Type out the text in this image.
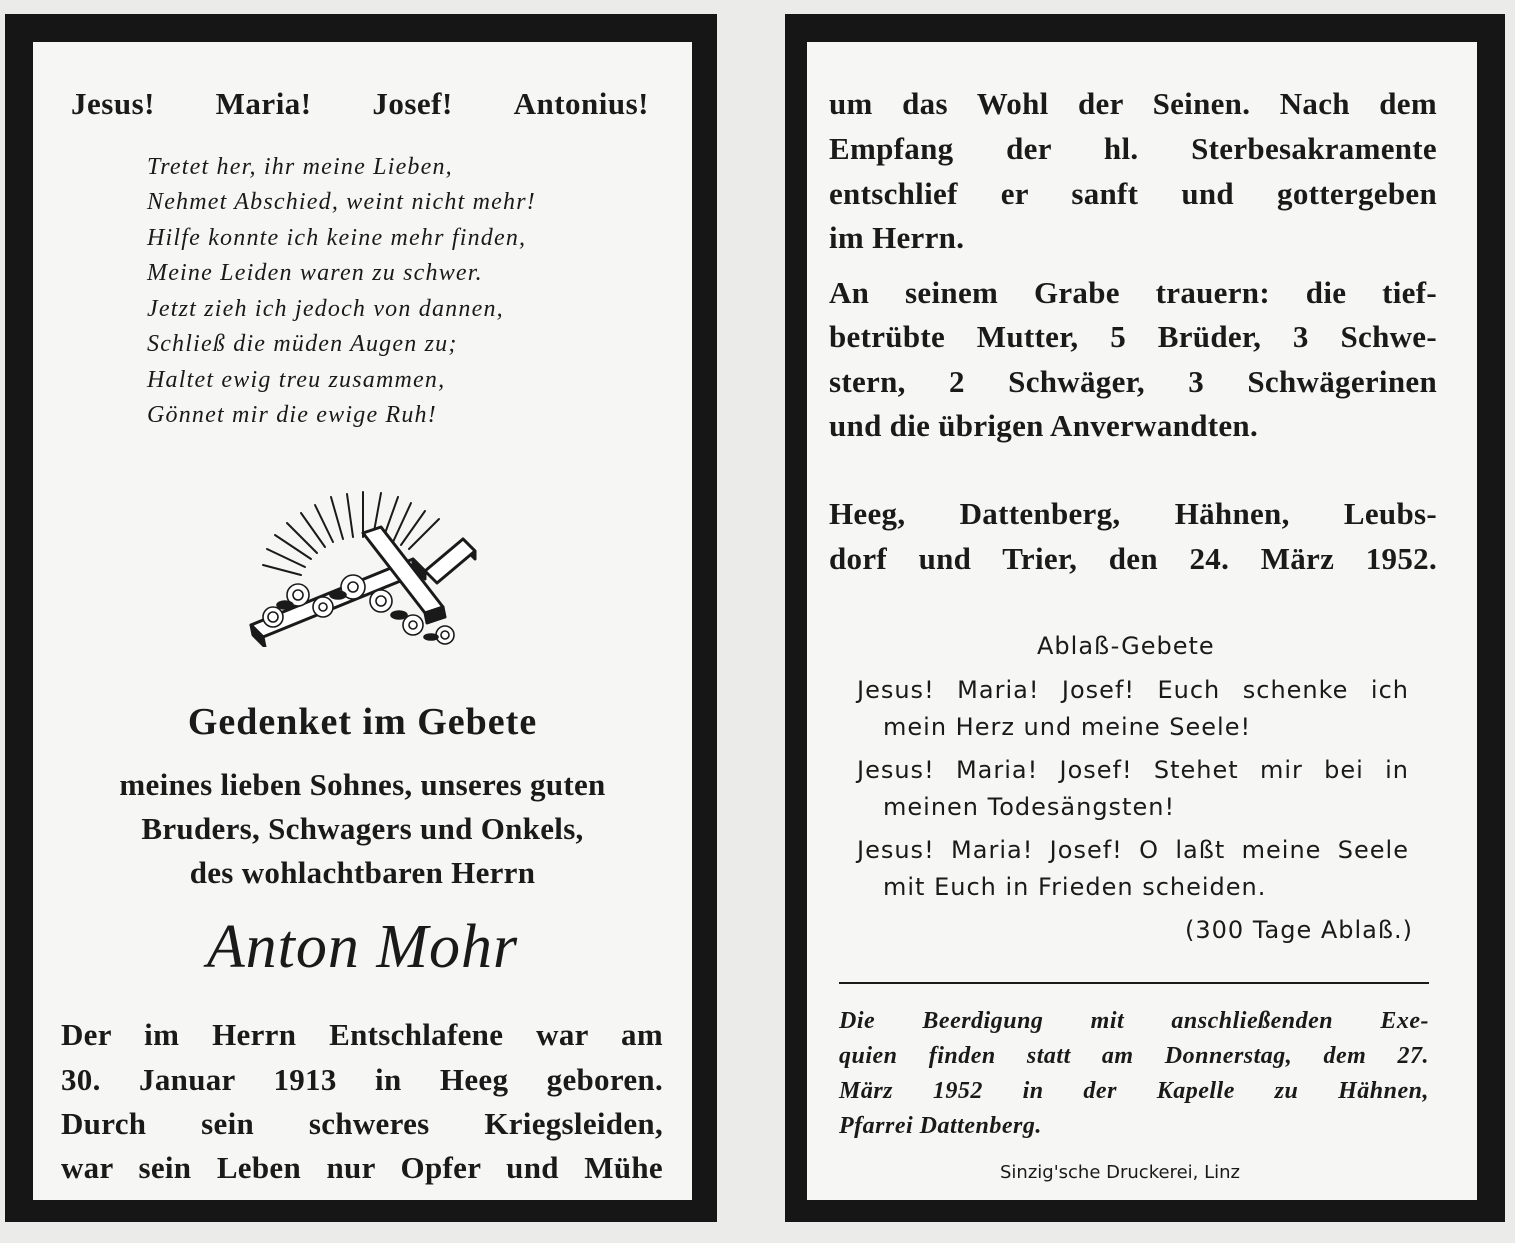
Jesus! Maria! Josef! Antonius!
Tretet her, ihr meine Lieben,
Nehmet Abschied, weint nicht mehr!
Hilfe konnte ich keine mehr finden,
Meine Leiden waren zu schwer.
Jetzt zieh ich jedoch von dannen,
Schließ die müden Augen zu;
Haltet ewig treu zusammen,
Gönnet mir die ewige Ruh!
Gedenket im Gebete
meines lieben Sohnes, unseres guten
Bruders, Schwagers und Onkels,
des wohlachtbaren Herrn
Anton Mohr
Der im Herrn Entschlafene war am
30. Januar 1913 in Heeg geboren.
Durch sein schweres Kriegsleiden,
war sein Leben nur Opfer und Mühe
um das Wohl der Seinen. Nach dem
Empfang der hl. Sterbesakramente
entschlief er sanft und gottergeben
im Herrn.
An seinem Grabe trauern: die tief-
betrübte Mutter, 5 Brüder, 3 Schwe-
stern, 2 Schwäger, 3 Schwägerinen
und die übrigen Anverwandten.
Heeg, Dattenberg, Hähnen, Leubs-
dorf und Trier, den 24. März 1952.
Ablaß-Gebete
Jesus! Maria! Josef! Euch schenke ich
mein Herz und meine Seele!
Jesus! Maria! Josef! Stehet mir bei in
meinen Todesängsten!
Jesus! Maria! Josef! O laßt meine Seele
mit Euch in Frieden scheiden.
(300 Tage Ablaß.)
Die Beerdigung mit anschließenden Exe-
quien finden statt am Donnerstag, dem 27.
März 1952 in der Kapelle zu Hähnen,
Pfarrei Dattenberg.
Sinzig'sche Druckerei, Linz
